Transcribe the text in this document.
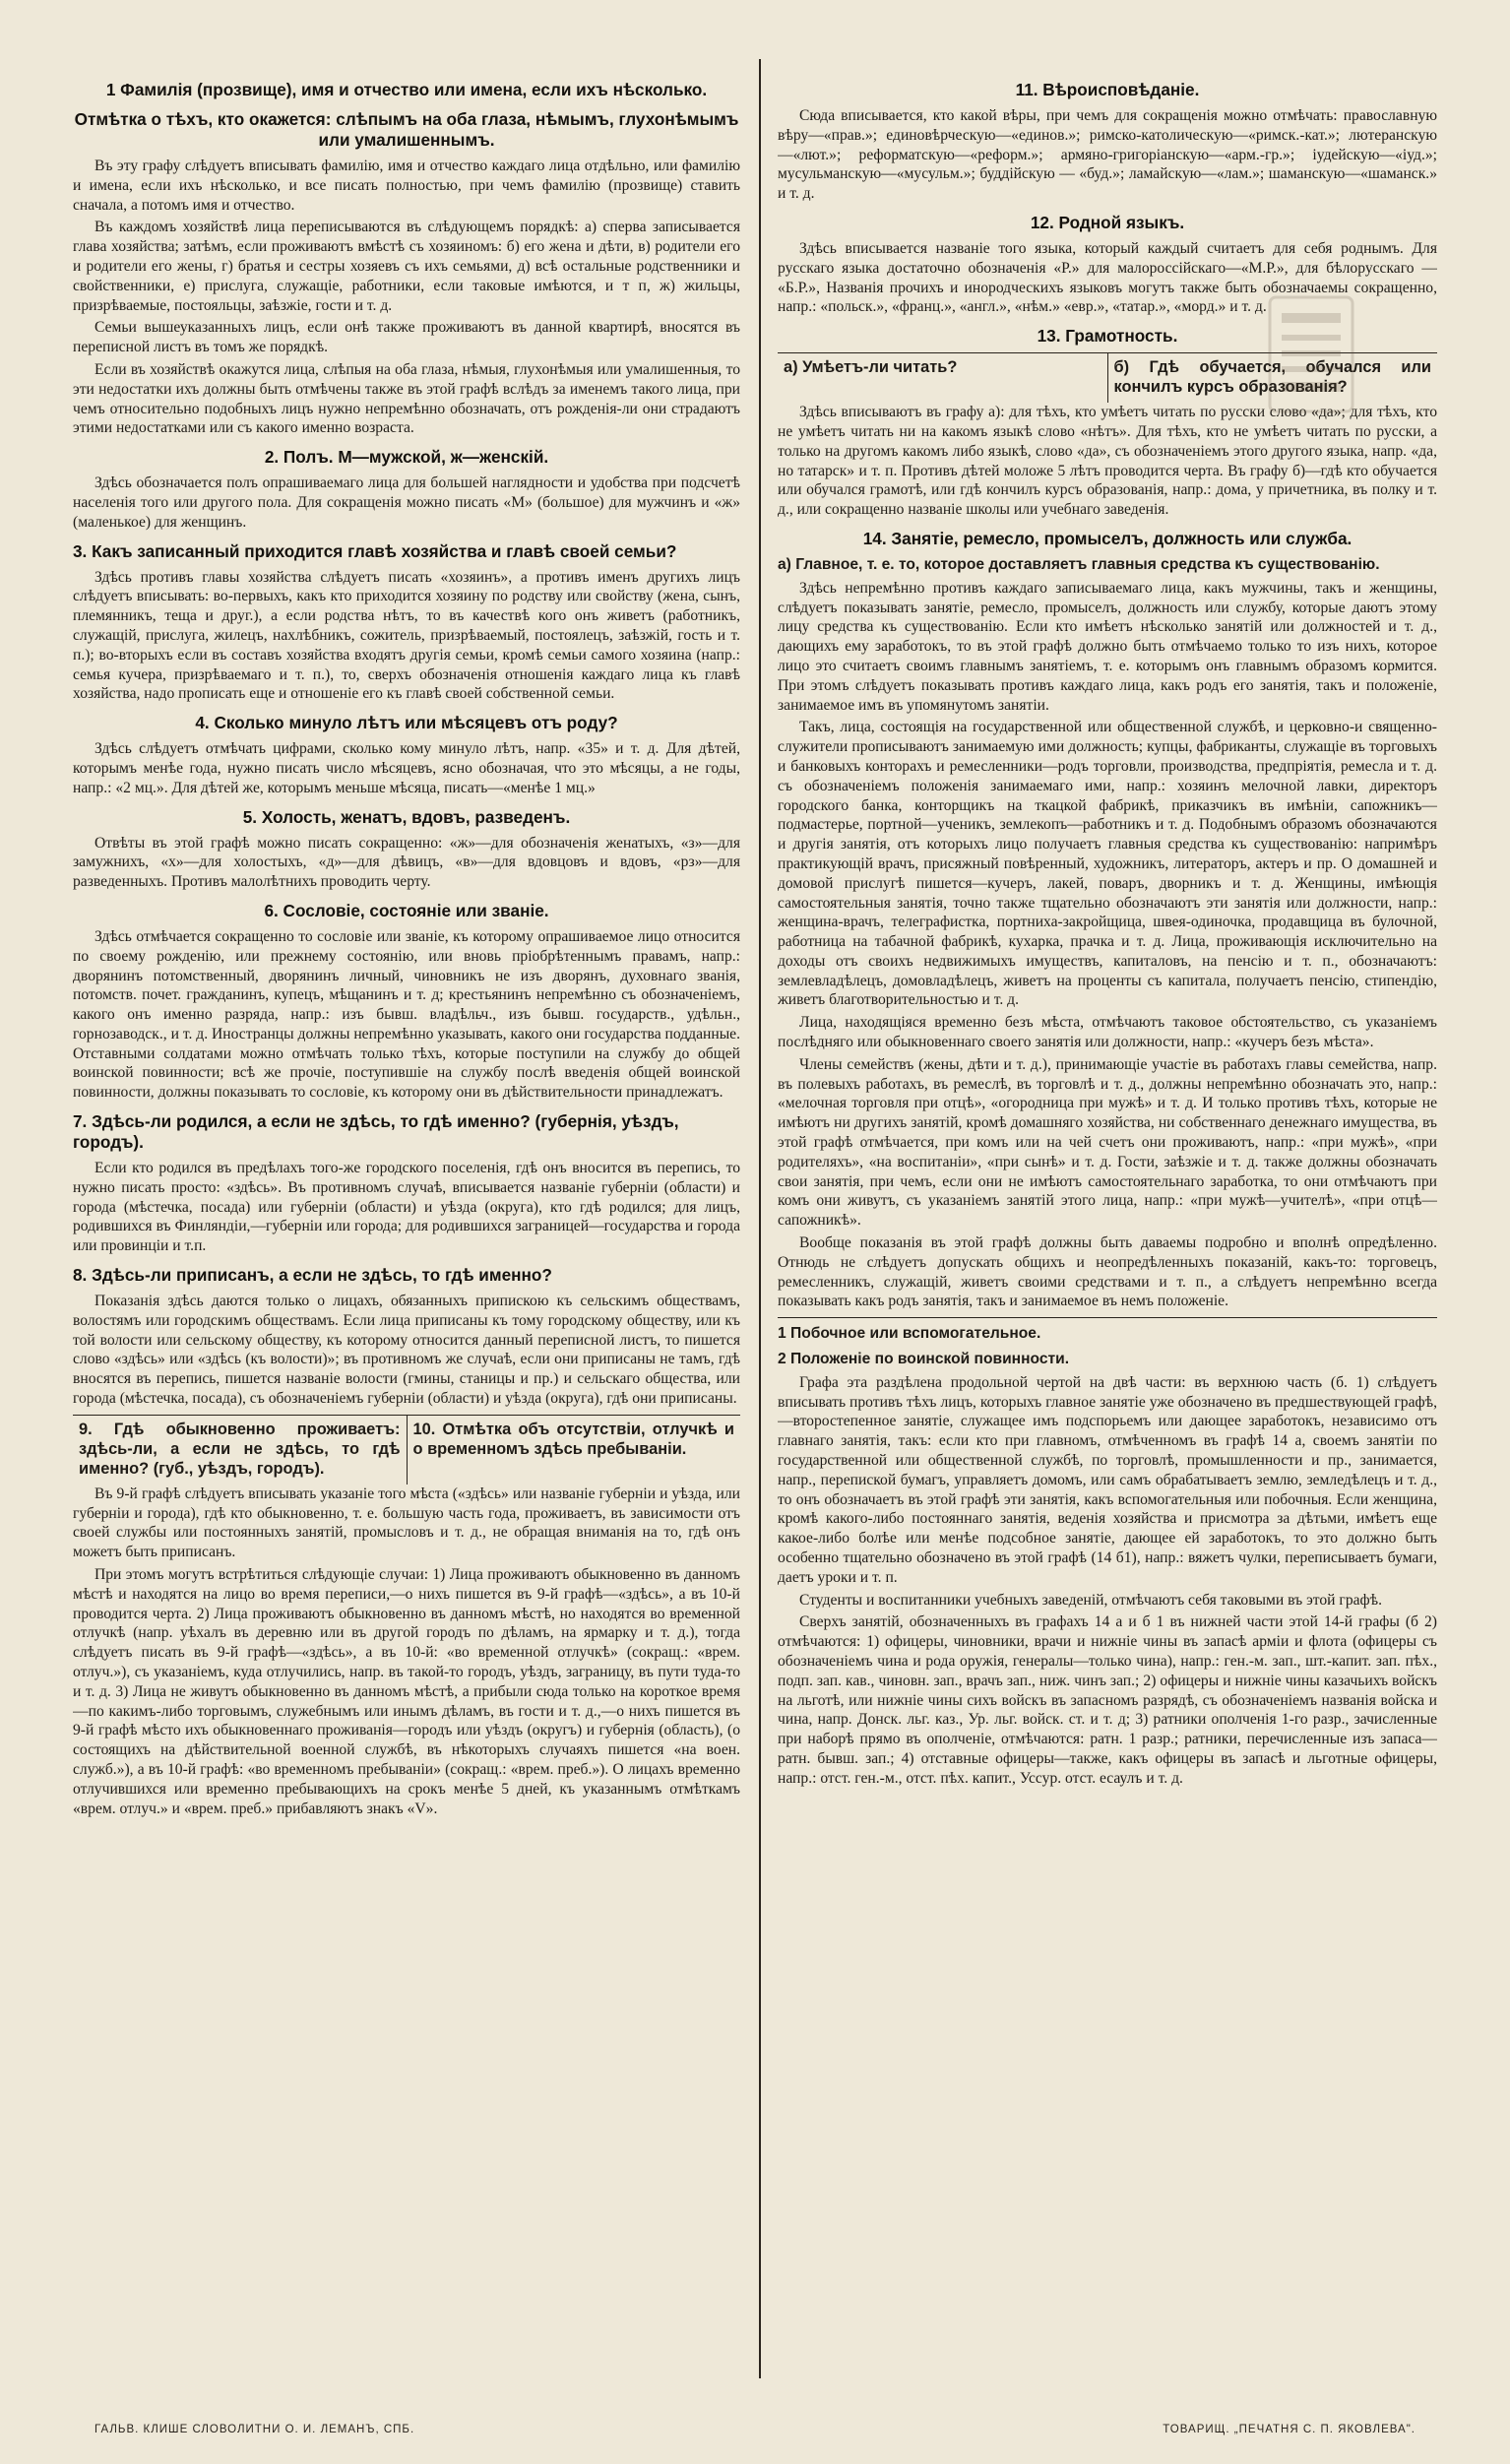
1 Фамилія (прозвище), имя и отчество или имена, если ихъ нѣсколько.
Отмѣтка о тѣхъ, кто окажется: слѣпымъ на оба глаза, нѣмымъ, глухонѣмымъ или умалишеннымъ.

Въ эту графу слѣдуетъ вписывать фамилію, имя и отчество каждаго лица отдѣльно, или фамилію и имена, если ихъ нѣсколько, и все писать полностью, при чемъ фамилію (прозвище) ставить сначала, а потомъ имя и отчество.

Въ каждомъ хозяйствѣ лица переписываются въ слѣдующемъ порядкѣ: а) сперва записывается глава хозяйства; затѣмъ, если проживаютъ вмѣстѣ съ хозяиномъ: б) его жена и дѣти, в) родители его и родители его жены, г) братья и сестры хозяевъ съ ихъ семьями, д) всѣ остальные родственники и свойственники, е) прислуга, служащіе, работники, если таковые имѣются, и т п, ж) жильцы, призрѣваемые, постояльцы, заѣзжіе, гости и т. д.

Семьи вышеуказанныхъ лицъ, если онѣ также проживаютъ въ данной квартирѣ, вносятся въ переписной листъ въ томъ же порядкѣ.

Если въ хозяйствѣ окажутся лица, слѣпыя на оба глаза, нѣмыя, глухонѣмыя или умалишенныя, то эти недостатки ихъ должны быть отмѣчены также въ этой графѣ вслѣдъ за именемъ такого лица, при чемъ относительно подобныхъ лицъ нужно непремѣнно обозначать, отъ рожденія-ли они страдаютъ этими недостатками или съ какого именно возраста.

2. Полъ. М—мужской, ж—женскій.

Здѣсь обозначается полъ опрашиваемаго лица для большей наглядности и удобства при подсчетѣ населенія того или другого пола. Для сокращенія можно писать «М» (большое) для мужчинъ и «ж» (маленькое) для женщинъ.

3. Какъ записанный приходится главѣ хозяйства и главѣ своей семьи?

Здѣсь противъ главы хозяйства слѣдуетъ писать «хозяинъ», а противъ именъ другихъ лицъ слѣдуетъ вписывать: во-первыхъ, какъ кто приходится хозяину по родству или свойству (жена, сынъ, племянникъ, теща и друг.), а если родства нѣтъ, то въ качествѣ кого онъ живетъ (работникъ, служащій, прислуга, жилецъ, нахлѣбникъ, сожитель, призрѣваемый, постоялецъ, заѣзжій, гость и т. п.); во-вторыхъ если въ составъ хозяйства входятъ другія семьи, кромѣ семьи самого хозяина (напр.: семья кучера, призрѣваемаго и т. п.), то, сверхъ обозначенія отношенія каждаго лица къ главѣ хозяйства, надо прописать еще и отношеніе его къ главѣ своей собственной семьи.

4. Сколько минуло лѣтъ или мѣсяцевъ отъ роду?

Здѣсь слѣдуетъ отмѣчать цифрами, сколько кому минуло лѣтъ, напр. «35» и т. д. Для дѣтей, которымъ менѣе года, нужно писать число мѣсяцевъ, ясно обозначая, что это мѣсяцы, а не годы, напр.: «2 мц.». Для дѣтей же, которымъ меньше мѣсяца, писать—«менѣе 1 мц.»

5. Холость, женатъ, вдовъ, разведенъ.

Отвѣты въ этой графѣ можно писать сокращенно: «ж»—для обозначенія женатыхъ, «з»—для замужнихъ, «х»—для холостыхъ, «д»—для дѣвицъ, «в»—для вдовцовъ и вдовъ, «рз»—для разведенныхъ. Противъ малолѣтнихъ проводить черту.

6. Сословіе, состояніе или званіе.

Здѣсь отмѣчается сокращенно то сословіе или званіе, къ которому опрашиваемое лицо относится по своему рожденію, или прежнему состоянію, или вновь пріобрѣтеннымъ правамъ, напр.: дворянинъ потомственный, дворянинъ личный, чиновникъ не изъ дворянъ, духовнаго званія, потомств. почет. гражданинъ, купецъ, мѣщанинъ и т. д; крестьянинъ непремѣнно съ обозначеніемъ, какого онъ именно разряда, напр.: изъ бывш. владѣльч., изъ бывш. государств., удѣльн., горнозаводск., и т. д. Иностранцы должны непремѣнно указывать, какого они государства подданные. Отставными солдатами можно отмѣчать только тѣхъ, которые поступили на службу до общей воинской повинности; всѣ же прочіе, поступившіе на службу послѣ введенія общей воинской повинности, должны показывать то сословіе, къ которому они въ дѣйствительности принадлежатъ.

7. Здѣсь-ли родился, а если не здѣсь, то гдѣ именно? (губернія, уѣздъ, городъ).

Если кто родился въ предѣлахъ того-же городского поселенія, гдѣ онъ вносится въ перепись, то нужно писать просто: «здѣсь». Въ противномъ случаѣ, вписывается названіе губерніи (области) и города (мѣстечка, посада) или губерніи (области) и уѣзда (округа), кто гдѣ родился; для лицъ, родившихся въ Финляндіи,—губерніи или города; для родившихся заграницей—государства и города или провинціи и т.п.

8. Здѣсь-ли приписанъ, а если не здѣсь, то гдѣ именно?

Показанія здѣсь даются только о лицахъ, обязанныхъ припискою къ сельскимъ обществамъ, волостямъ или городскимъ обществамъ. Если лица приписаны къ тому городскому обществу, или къ той волости или сельскому обществу, къ которому относится данный переписной листъ, то пишется слово «здѣсь» или «здѣсь (къ волости)»; въ противномъ же случаѣ, если они приписаны не тамъ, гдѣ вносятся въ перепись, пишется названіе волости (гмины, станицы и пр.) и сельскаго общества, или города (мѣстечка, посада), съ обозначеніемъ губерніи (области) и уѣзда (округа), гдѣ они приписаны.

9. Гдѣ обыкновенно проживаетъ: здѣсь-ли, а если не здѣсь, то гдѣ именно? (губ., уѣздъ, городъ).
10. Отмѣтка объ отсутствіи, отлучкѣ и о временномъ здѣсь пребываніи.

Въ 9-й графѣ слѣдуетъ вписывать указаніе того мѣста («здѣсь» или названіе губерніи и уѣзда, или губерніи и города), гдѣ кто обыкновенно, т. е. большую часть года, проживаетъ, въ зависимости отъ своей службы или постоянныхъ занятій, промысловъ и т. д., не обращая вниманія на то, гдѣ онъ можетъ быть приписанъ.

При этомъ могутъ встрѣтиться слѣдующіе случаи: 1) Лица проживаютъ обыкновенно въ данномъ мѣстѣ и находятся на лицо во время переписи,—о нихъ пишется въ 9-й графѣ—«здѣсь», а въ 10-й проводится черта. 2) Лица проживаютъ обыкновенно въ данномъ мѣстѣ, но находятся во временной отлучкѣ (напр. уѣхалъ въ деревню или въ другой городъ по дѣламъ, на ярмарку и т. д.), тогда слѣдуетъ писать въ 9-й графѣ—«здѣсь», а въ 10-й: «во временной отлучкѣ» (сокращ.: «врем. отлуч.»), съ указаніемъ, куда отлучились, напр. въ такой-то городъ, уѣздъ, заграницу, въ пути туда-то и т. д. 3) Лица не живутъ обыкновенно въ данномъ мѣстѣ, а прибыли сюда только на короткое время—по какимъ-либо торговымъ, служебнымъ или инымъ дѣламъ, въ гости и т. д.,—о нихъ пишется въ 9-й графѣ мѣсто ихъ обыкновеннаго проживанія—городъ или уѣздъ (округъ) и губернія (область), (о состоящихъ на дѣйствительной военной службѣ, въ нѣкоторыхъ случаяхъ пишется «на воен. служб.»), а въ 10-й графѣ: «во временномъ пребываніи» (сокращ.: «врем. преб.»). О лицахъ временно отлучившихся или временно пребывающихъ на срокъ менѣе 5 дней, къ указаннымъ отмѣткамъ «врем. отлуч.» и «врем. преб.» прибавляютъ знакъ «V».

11. Вѣроисповѣданіе.

Сюда вписывается, кто какой вѣры, при чемъ для сокращенія можно отмѣчать: православную вѣру—«прав.»; единовѣрческую—«единов.»; римско-католическую—«римск.-кат.»; лютеранскую—«лют.»; реформатскую—«реформ.»; армяно-григоріанскую—«арм.-гр.»; іудейскую—«іуд.»; мусульманскую—«мусульм.»; буддійскую — «буд.»; ламайскую—«лам.»; шаманскую—«шаманск.» и т. д.

12. Родной языкъ.

Здѣсь вписывается названіе того языка, который каждый считаетъ для себя роднымъ. Для русскаго языка достаточно обозначенія «Р.» для малороссійскаго—«М.Р.», для бѣлорусскаго — «Б.Р.», Названія прочихъ и инородческихъ языковъ могутъ также быть обозначаемы сокращенно, напр.: «польск.», «франц.», «англ.», «нѣм.» «евр.», «татар.», «морд.» и т. д.

13. Грамотность.
а) Умѣетъ-ли читать?	б) Гдѣ обучается, обучался или кончилъ курсъ образованія?

Здѣсь вписываютъ въ графу а): для тѣхъ, кто умѣетъ читать по русски слово «да»; для тѣхъ, кто не умѣетъ читать ни на какомъ языкѣ слово «нѣтъ». Для тѣхъ, кто не умѣетъ читать по русски, а только на другомъ какомъ либо языкѣ, слово «да», съ обозначеніемъ этого другого языка, напр. «да, но татарск» и т. п. Противъ дѣтей моложе 5 лѣтъ проводится черта. Въ графу б)—гдѣ кто обучается или обучался грамотѣ, или гдѣ кончилъ курсъ образованія, напр.: дома, у причетника, въ полку и т. д., или сокращенно названіе школы или учебнаго заведенія.

14. Занятіе, ремесло, промыселъ, должность или служба.

а) Главное, т. е. то, которое доставляетъ главныя средства къ существованію.

Здѣсь непремѣнно противъ каждаго записываемаго лица, какъ мужчины, такъ и женщины, слѣдуетъ показывать занятіе, ремесло, промыселъ, должность или службу, которые даютъ этому лицу средства къ существованію. Если кто имѣетъ нѣсколько занятій или должностей и т. д., дающихъ ему заработокъ, то въ этой графѣ должно быть отмѣчаемо только то изъ нихъ, которое лицо это считаетъ своимъ главнымъ занятіемъ, т. е. которымъ онъ главнымъ образомъ кормится. При этомъ слѣдуетъ показывать противъ каждаго лица, какъ родъ его занятія, такъ и положеніе, занимаемое имъ въ упомянутомъ занятіи.

Такъ, лица, состоящія на государственной или общественной службѣ, и церковно-и священно-служители прописываютъ занимаемую ими должность; купцы, фабриканты, служащіе въ торговыхъ и банковыхъ конторахъ и ремесленники—родъ торговли, производства, предпріятія, ремесла и т. д. съ обозначеніемъ положенія занимаемаго ими, напр.: хозяинъ мелочной лавки, директоръ городского банка, конторщикъ на ткацкой фабрикѣ, приказчикъ въ имѣніи, сапожникъ—подмастерье, портной—ученикъ, землекопъ—работникъ и т. д. Подобнымъ образомъ обозначаются и другія занятія, отъ которыхъ лицо получаетъ главныя средства къ существованію: напримѣръ практикующій врачъ, присяжный повѣренный, художникъ, литераторъ, актеръ и пр. О домашней и домовой прислугѣ пишется—кучеръ, лакей, поваръ, дворникъ и т. д. Женщины, имѣющія самостоятельныя занятія, точно также тщательно обозначаютъ эти занятія или должности, напр.: женщина-врачъ, телеграфистка, портниха-закройщица, швея-одиночка, продавщица въ булочной, работница на табачной фабрикѣ, кухарка, прачка и т. д. Лица, проживающія исключительно на доходы отъ своихъ недвижимыхъ имуществъ, капиталовъ, на пенсію и т. п., обозначаютъ: землевладѣлецъ, домовладѣлецъ, живетъ на проценты съ капитала, получаетъ пенсію, стипендію, живетъ благотворительностью и т. д.

Лица, находящіяся временно безъ мѣста, отмѣчаютъ таковое обстоятельство, съ указаніемъ послѣдняго или обыкновеннаго своего занятія или должности, напр.: «кучеръ безъ мѣста».

Члены семействъ (жены, дѣти и т. д.), принимающіе участіе въ работахъ главы семейства, напр. въ полевыхъ работахъ, въ ремеслѣ, въ торговлѣ и т. д., должны непремѣнно обозначать это, напр.: «мелочная торговля при отцѣ», «огородница при мужѣ» и т. д. И только противъ тѣхъ, которые не имѣютъ ни другихъ занятій, кромѣ домашняго хозяйства, ни собственнаго денежнаго имущества, въ этой графѣ отмѣчается, при комъ или на чей счетъ они проживаютъ, напр.: «при мужѣ», «при родителяхъ», «на воспитаніи», «при сынѣ» и т. д. Гости, заѣзжіе и т. д. также должны обозначать свои занятія, при чемъ, если они не имѣютъ самостоятельнаго заработка, то они отмѣчаютъ при комъ они живутъ, съ указаніемъ занятій этого лица, напр.: «при мужѣ—учителѣ», «при отцѣ—сапожникѣ».

Вообще показанія въ этой графѣ должны быть даваемы подробно и вполнѣ опредѣленно. Отнюдь не слѣдуетъ допускать общихъ и неопредѣленныхъ показаній, какъ-то: торговецъ, ремесленникъ, служащій, живетъ своими средствами и т. п., а слѣдуетъ непремѣнно всегда показывать какъ родъ занятія, такъ и занимаемое въ немъ положеніе.

1 Побочное или вспомогательное.

2 Положеніе по воинской повинности.

Графа эта раздѣлена продольной чертой на двѣ части: въ верхнюю часть (б. 1) слѣдуетъ вписывать противъ тѣхъ лицъ, которыхъ главное занятіе уже обозначено въ предшествующей графѣ,—второстепенное занятіе, служащее имъ подспорьемъ или дающее заработокъ, независимо отъ главнаго занятія, такъ: если кто при главномъ, отмѣченномъ въ графѣ 14 а, своемъ занятіи по государственной или общественной службѣ, по торговлѣ, промышленности и пр., занимается, напр., перепиской бумагъ, управляетъ домомъ, или самъ обрабатываетъ землю, земледѣлецъ и т. д., то онъ обозначаетъ въ этой графѣ эти занятія, какъ вспомогательныя или побочныя. Если женщина, кромѣ какого-либо постояннаго занятія, веденія хозяйства и присмотра за дѣтьми, имѣетъ еще какое-либо болѣе или менѣе подсобное занятіе, дающее ей заработокъ, то это должно быть особенно тщательно обозначено въ этой графѣ (14 б1), напр.: вяжетъ чулки, переписываетъ бумаги, даетъ уроки и т. п.

Студенты и воспитанники учебныхъ заведеній, отмѣчаютъ себя таковыми въ этой графѣ.

Сверхъ занятій, обозначенныхъ въ графахъ 14 а и б 1 въ нижней части этой 14-й графы (б 2) отмѣчаются: 1) офицеры, чиновники, врачи и нижніе чины въ запасѣ арміи и флота (офицеры съ обозначеніемъ чина и рода оружія, генералы—только чина), напр.: ген.-м. зап., шт.-капит. зап. пѣх., подп. зап. кав., чиновн. зап., врачъ зап., ниж. чинъ зап.; 2) офицеры и нижніе чины казачьихъ войскъ на льготѣ, или нижніе чины сихъ войскъ въ запасномъ разрядѣ, съ обозначеніемъ названія войска и чина, напр. Донск. льг. каз., Ур. льг. войск. ст. и т. д; 3) ратники ополченія 1-го разр., зачисленные при наборѣ прямо въ ополченіе, отмѣчаются: ратн. 1 разр.; ратники, перечисленные изъ запаса—ратн. бывш. зап.; 4) отставные офицеры—также, какъ офицеры въ запасѣ и льготные офицеры, напр.: отст. ген.-м., отст. пѣх. капит., Уссур. отст. есаулъ и т. д.

ГАЛЬВ. КЛИШЕ СЛОВОЛИТНИ О. И. ЛЕМАНЪ, СПБ.	ТОВАРИЩ. „ПЕЧАТНЯ С. П. ЯКОВЛЕВА".
